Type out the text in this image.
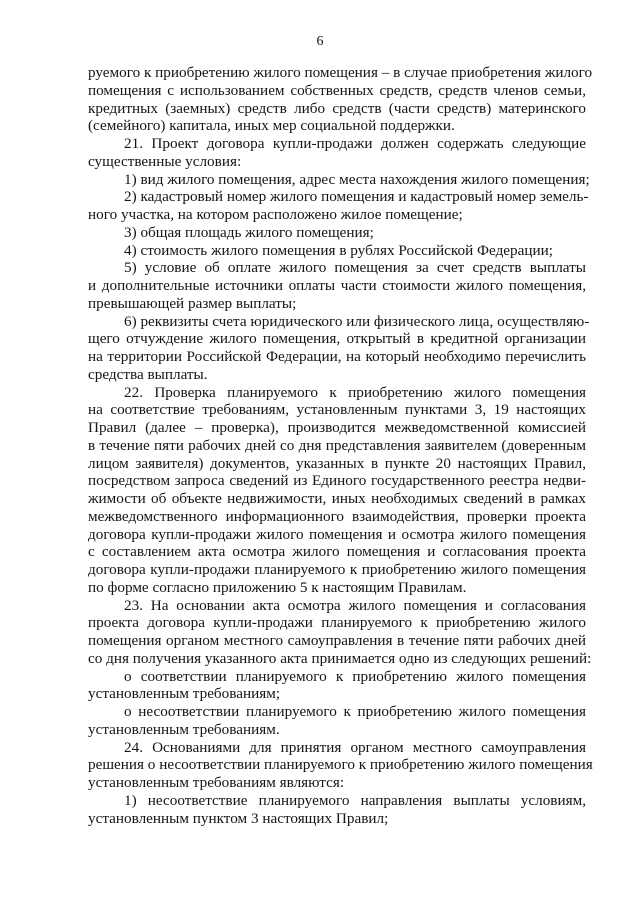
6
руемого к приобретению жилого помещения – в случае приобретения жилого
помещения с использованием собственных средств, средств членов семьи,
кредитных (заемных) средств либо средств (части средств) материнского
(семейного) капитала, иных мер социальной поддержки.
21. Проект договора купли-продажи должен содержать следующие
существенные условия:
1) вид жилого помещения, адрес места нахождения жилого помещения;
2) кадастровый номер жилого помещения и кадастровый номер земель-
ного участка, на котором расположено жилое помещение;
3) общая площадь жилого помещения;
4) стоимость жилого помещения в рублях Российской Федерации;
5) условие об оплате жилого помещения за счет средств выплаты
и дополнительные источники оплаты части стоимости жилого помещения,
превышающей размер выплаты;
6) реквизиты счета юридического или физического лица, осуществляю-
щего отчуждение жилого помещения, открытый в кредитной организации
на территории Российской Федерации, на который необходимо перечислить
средства выплаты.
22. Проверка планируемого к приобретению жилого помещения
на соответствие требованиям, установленным пунктами 3, 19 настоящих
Правил (далее – проверка), производится межведомственной комиссией
в течение пяти рабочих дней со дня представления заявителем (доверенным
лицом заявителя) документов, указанных в пункте 20 настоящих Правил,
посредством запроса сведений из Единого государственного реестра недви-
жимости об объекте недвижимости, иных необходимых сведений в рамках
межведомственного информационного взаимодействия, проверки проекта
договора купли-продажи жилого помещения и осмотра жилого помещения
с составлением акта осмотра жилого помещения и согласования проекта
договора купли-продажи планируемого к приобретению жилого помещения
по форме согласно приложению 5 к настоящим Правилам.
23. На основании акта осмотра жилого помещения и согласования
проекта договора купли-продажи планируемого к приобретению жилого
помещения органом местного самоуправления в течение пяти рабочих дней
со дня получения указанного акта принимается одно из следующих решений:
о соответствии планируемого к приобретению жилого помещения
установленным требованиям;
о несоответствии планируемого к приобретению жилого помещения
установленным требованиям.
24. Основаниями для принятия органом местного самоуправления
решения о несоответствии планируемого к приобретению жилого помещения
установленным требованиям являются:
1) несоответствие планируемого направления выплаты условиям,
установленным пунктом 3 настоящих Правил;
